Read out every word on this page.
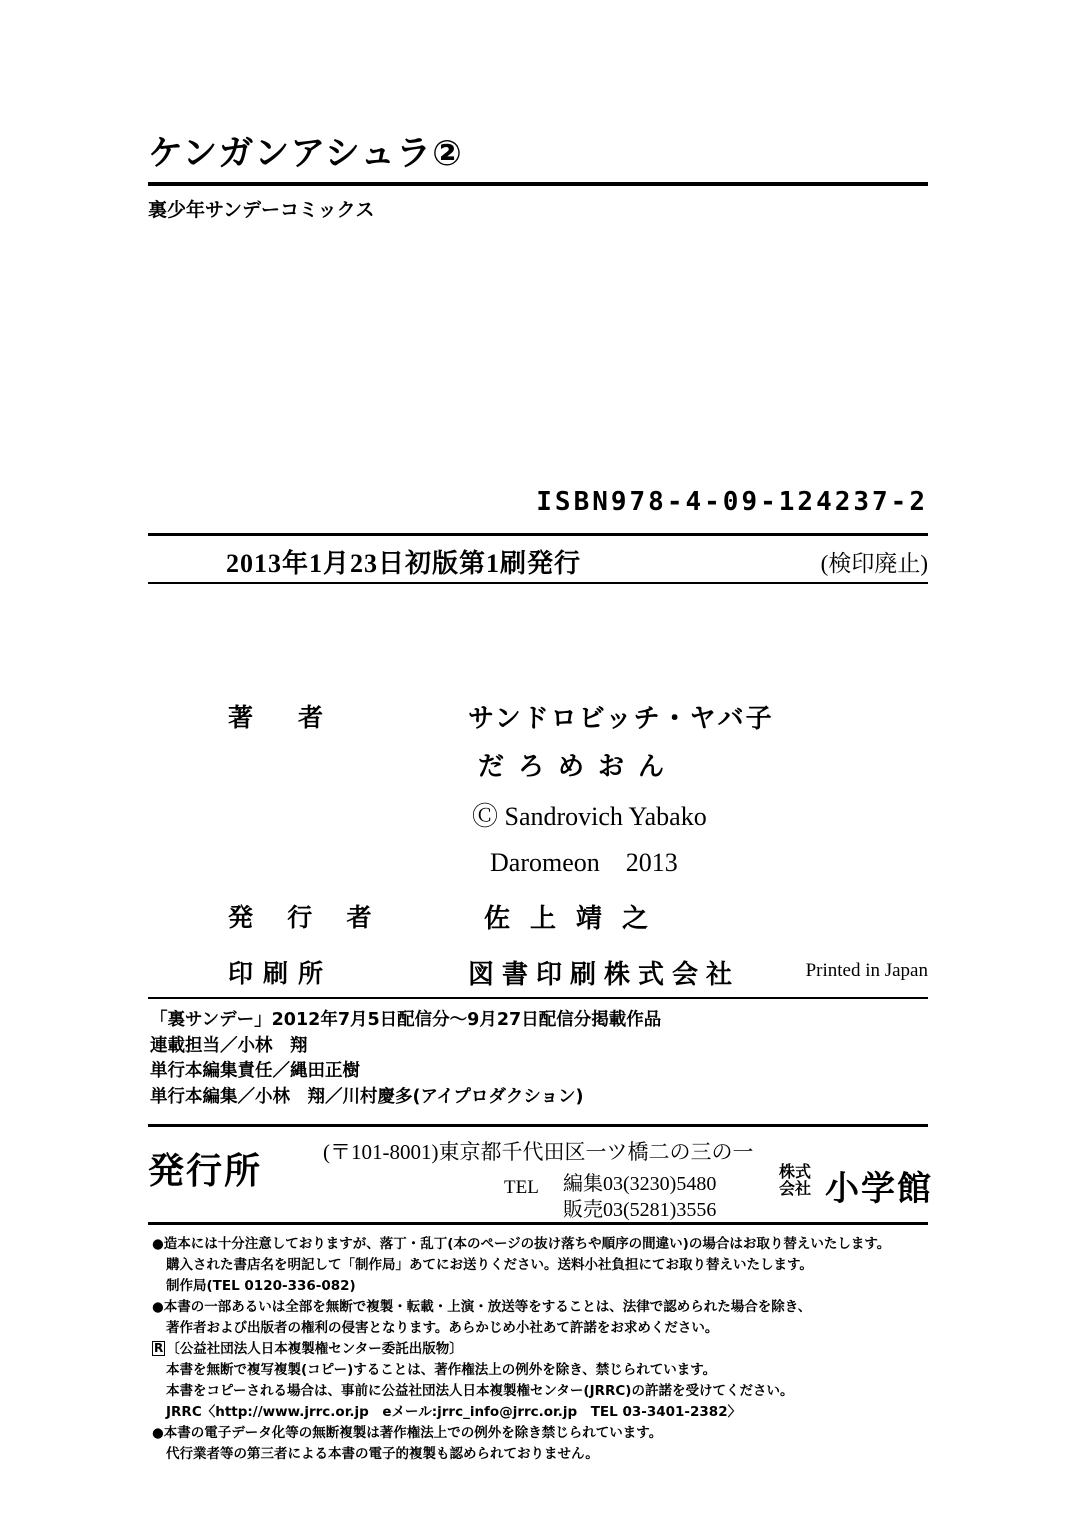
ケンガンアシュラ②
裏少年サンデーコミックス
ISBN978-4-09-124237-2
2013年1月23日初版第1刷発行	(検印廃止)
著　者	サンドロビッチ・ヤバ子
だろめおん
Ⓒ Sandrovich Yabako
Daromeon　2013
発 行 者	佐上靖之
印刷所	図書印刷株式会社	Printed in Japan
「裏サンデー」2012年7月5日配信分〜9月27日配信分掲載作品
連載担当／小林　翔
単行本編集責任／縄田正樹
単行本編集／小林　翔／川村慶多(アイプロダクション)
発行所	(〒101-8001)東京都千代田区一ツ橋二の三の一
TEL 編集03(3230)5480
販売03(5281)3556
株式
会社 小学館
●造本には十分注意しておりますが、落丁・乱丁(本のページの抜け落ちや順序の間違い)の場合はお取り替えいたします。
購入された書店名を明記して「制作局」あてにお送りください。送料小社負担にてお取り替えいたします。
制作局(TEL 0120-336-082)
●本書の一部あるいは全部を無断で複製・転載・上演・放送等をすることは、法律で認められた場合を除き、
著作者および出版者の権利の侵害となります。あらかじめ小社あて許諾をお求めください。
R 〔公益社団法人日本複製権センター委託出版物〕
本書を無断で複写複製(コピー)することは、著作権法上の例外を除き、禁じられています。
本書をコピーされる場合は、事前に公益社団法人日本複製権センター(JRRC)の許諾を受けてください。
JRRC〈http://www.jrrc.or.jp　eメール:jrrc_info@jrrc.or.jp　TEL 03-3401-2382〉
●本書の電子データ化等の無断複製は著作権法上での例外を除き禁じられています。
代行業者等の第三者による本書の電子的複製も認められておりません。
